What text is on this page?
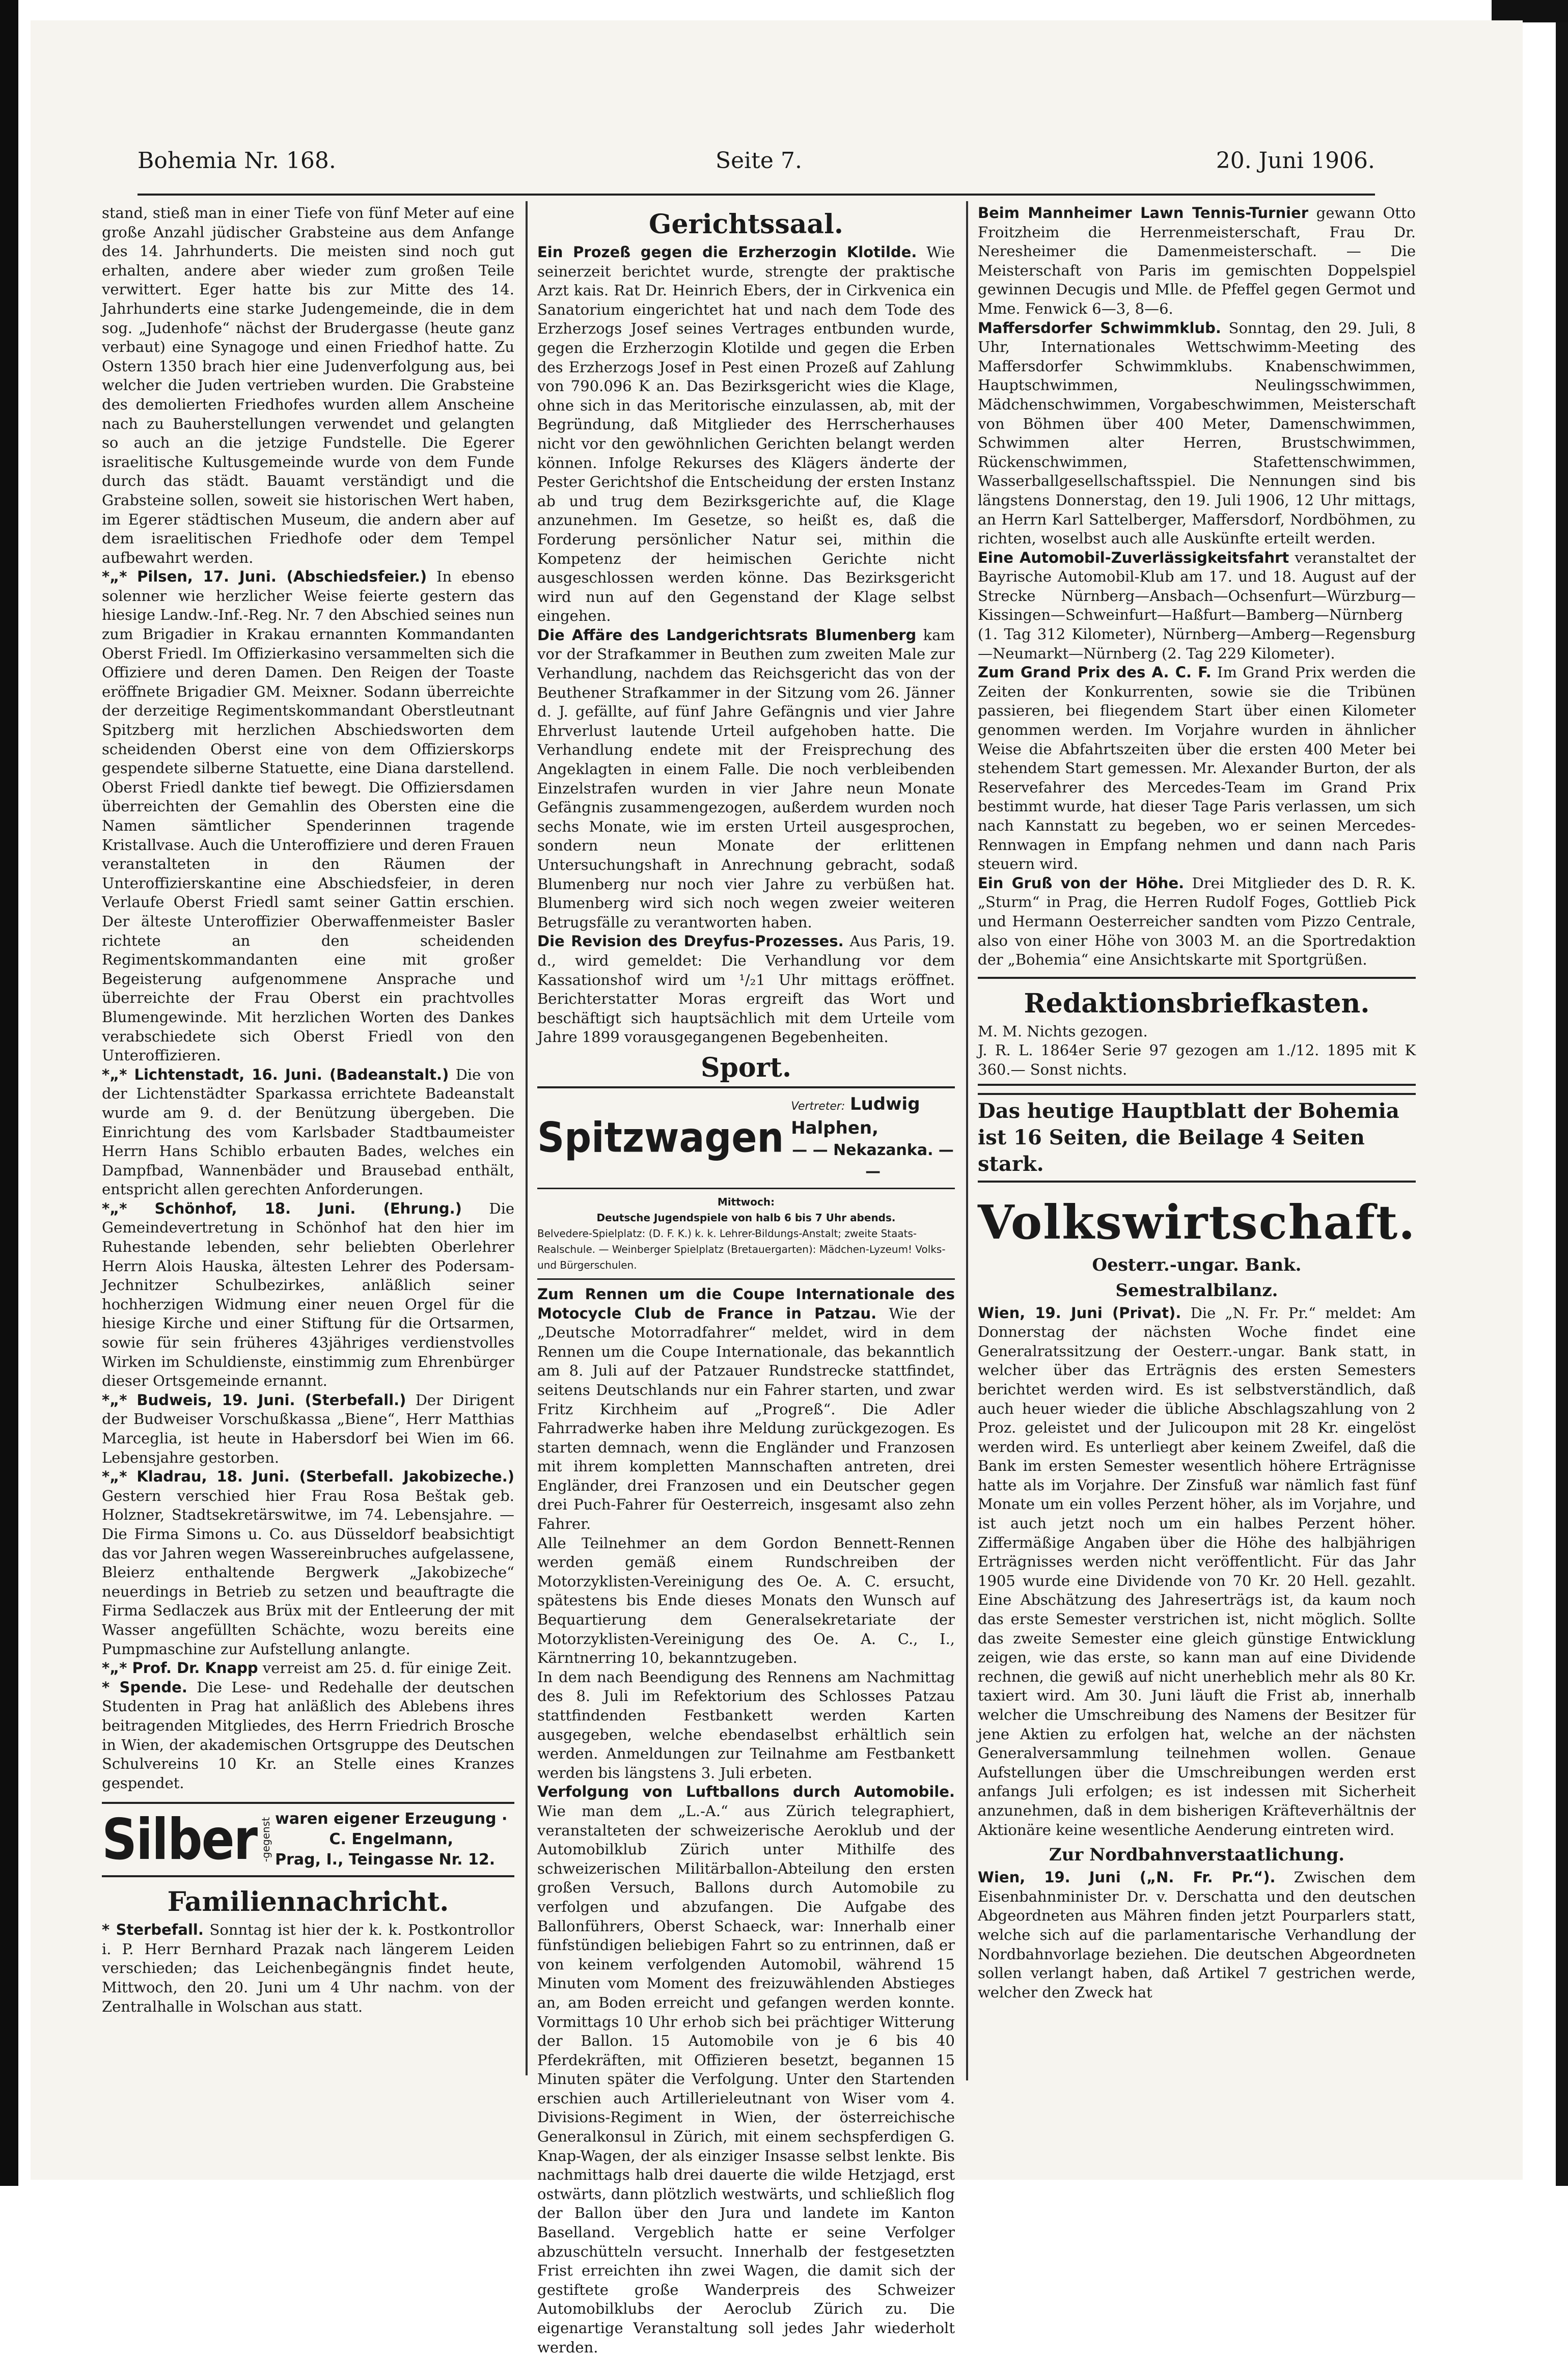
Bohemia Nr. 168.	Seite 7.	20. Juni 1906.

stand, stieß man in einer Tiefe von fünf Meter auf eine große Anzahl jüdischer Grabsteine aus dem Anfange des 14. Jahrhunderts. Die meisten sind noch gut erhalten, andere aber wieder zum großen Teile verwittert. Eger hatte bis zur Mitte des 14. Jahrhunderts eine starke Judengemeinde, die in dem sog. „Judenhofe“ nächst der Brudergasse (heute ganz verbaut) eine Synagoge und einen Friedhof hatte. Zu Ostern 1350 brach hier eine Judenverfolgung aus, bei welcher die Juden vertrieben wurden. Die Grabsteine des demolierten Friedhofes wurden allem Anscheine nach zu Bauherstellungen verwendet und gelangten so auch an die jetzige Fundstelle. Die Egerer israelitische Kultusgemeinde wurde von dem Funde durch das städt. Bauamt verständigt und die Grabsteine sollen, soweit sie historischen Wert haben, im Egerer städtischen Museum, die andern aber auf dem israelitischen Friedhofe oder dem Tempel aufbewahrt werden.

*„* Pilsen, 17. Juni. (Abschiedsfeier.) In ebenso solenner wie herzlicher Weise feierte gestern das hiesige Landw.-Inf.-Reg. Nr. 7 den Abschied seines nun zum Brigadier in Krakau ernannten Kommandanten Oberst Friedl. Im Offizierkasino versammelten sich die Offiziere und deren Damen. Den Reigen der Toaste eröffnete Brigadier GM. Meixner. Sodann überreichte der derzeitige Regimentskommandant Oberstleutnant Spitzberg mit herzlichen Abschiedsworten dem scheidenden Oberst eine von dem Offizierskorps gespendete silberne Statuette, eine Diana darstellend. Oberst Friedl dankte tief bewegt. Die Offiziersdamen überreichten der Gemahlin des Obersten eine die Namen sämtlicher Spenderinnen tragende Kristallvase. Auch die Unteroffiziere und deren Frauen veranstalteten in den Räumen der Unteroffizierskantine eine Abschiedsfeier, in deren Verlaufe Oberst Friedl samt seiner Gattin erschien. Der älteste Unteroffizier Oberwaffenmeister Basler richtete an den scheidenden Regimentskommandanten eine mit großer Begeisterung aufgenommene Ansprache und überreichte der Frau Oberst ein prachtvolles Blumengewinde. Mit herzlichen Worten des Dankes verabschiedete sich Oberst Friedl von den Unteroffizieren.

*„* Lichtenstadt, 16. Juni. (Badeanstalt.) Die von der Lichtenstädter Sparkassa errichtete Badeanstalt wurde am 9. d. der Benützung übergeben. Die Einrichtung des vom Karlsbader Stadtbaumeister Herrn Hans Schiblo erbauten Bades, welches ein Dampfbad, Wannenbäder und Brausebad enthält, entspricht allen gerechten Anforderungen.

*„* Schönhof, 18. Juni. (Ehrung.) Die Gemeindevertretung in Schönhof hat den hier im Ruhestande lebenden, sehr beliebten Oberlehrer Herrn Alois Hauska, ältesten Lehrer des Podersam-Jechnitzer Schulbezirkes, anläßlich seiner hochherzigen Widmung einer neuen Orgel für die hiesige Kirche und einer Stiftung für die Ortsarmen, sowie für sein früheres 43jähriges verdienstvolles Wirken im Schuldienste, einstimmig zum Ehrenbürger dieser Ortsgemeinde ernannt.

*„* Budweis, 19. Juni. (Sterbefall.) Der Dirigent der Budweiser Vorschußkassa „Biene“, Herr Matthias Marceglia, ist heute in Habersdorf bei Wien im 66. Lebensjahre gestorben.

*„* Kladrau, 18. Juni. (Sterbefall. Jakobizeche.) Gestern verschied hier Frau Rosa Beštak geb. Holzner, Stadtsekretärswitwe, im 74. Lebensjahre. — Die Firma Simons u. Co. aus Düsseldorf beabsichtigt das vor Jahren wegen Wassereinbruches aufgelassene, Bleierz enthaltende Bergwerk „Jakobizeche“ neuerdings in Betrieb zu setzen und beauftragte die Firma Sedlaczek aus Brüx mit der Entleerung der mit Wasser angefüllten Schächte, wozu bereits eine Pumpmaschine zur Aufstellung anlangte.

*„* Prof. Dr. Knapp verreist am 25. d. für einige Zeit.

* Spende. Die Lese- und Redehalle der deutschen Studenten in Prag hat anläßlich des Ablebens ihres beitragenden Mitgliedes, des Herrn Friedrich Brosche in Wien, der akademischen Ortsgruppe des Deutschen Schulvereins 10 Kr. an Stelle eines Kranzes gespendet.

Silber -gegenst waren eigener Erzeugung ·
C. Engelmann,
Prag, I., Teingasse Nr. 12.
Familiennachricht.

* Sterbefall. Sonntag ist hier der k. k. Postkontrollor i. P. Herr Bernhard Prazak nach längerem Leiden verschieden; das Leichenbegängnis findet heute, Mittwoch, den 20. Juni um 4 Uhr nachm. von der Zentralhalle in Wolschan aus statt.

Gerichtssaal.

Ein Prozeß gegen die Erzherzogin Klotilde. Wie seinerzeit berichtet wurde, strengte der praktische Arzt kais. Rat Dr. Heinrich Ebers, der in Cirkvenica ein Sanatorium eingerichtet hat und nach dem Tode des Erzherzogs Josef seines Vertrages entbunden wurde, gegen die Erzherzogin Klotilde und gegen die Erben des Erzherzogs Josef in Pest einen Prozeß auf Zahlung von 790.096 K an. Das Bezirksgericht wies die Klage, ohne sich in das Meritorische einzulassen, ab, mit der Begründung, daß Mitglieder des Herrscherhauses nicht vor den gewöhnlichen Gerichten belangt werden können. Infolge Rekurses des Klägers änderte der Pester Gerichtshof die Entscheidung der ersten Instanz ab und trug dem Bezirksgerichte auf, die Klage anzunehmen. Im Gesetze, so heißt es, daß die Forderung persönlicher Natur sei, mithin die Kompetenz der heimischen Gerichte nicht ausgeschlossen werden könne. Das Bezirksgericht wird nun auf den Gegenstand der Klage selbst eingehen.

Die Affäre des Landgerichtsrats Blumenberg kam vor der Strafkammer in Beuthen zum zweiten Male zur Verhandlung, nachdem das Reichsgericht das von der Beuthener Strafkammer in der Sitzung vom 26. Jänner d. J. gefällte, auf fünf Jahre Gefängnis und vier Jahre Ehrverlust lautende Urteil aufgehoben hatte. Die Verhandlung endete mit der Freisprechung des Angeklagten in einem Falle. Die noch verbleibenden Einzelstrafen wurden in vier Jahre neun Monate Gefängnis zusammengezogen, außerdem wurden noch sechs Monate, wie im ersten Urteil ausgesprochen, sondern neun Monate der erlittenen Untersuchungshaft in Anrechnung gebracht, sodaß Blumenberg nur noch vier Jahre zu verbüßen hat. Blumenberg wird sich noch wegen zweier weiteren Betrugsfälle zu verantworten haben.

Die Revision des Dreyfus-Prozesses. Aus Paris, 19. d., wird gemeldet: Die Verhandlung vor dem Kassationshof wird um ¹/₂1 Uhr mittags eröffnet. Berichterstatter Moras ergreift das Wort und beschäftigt sich hauptsächlich mit dem Urteile vom Jahre 1899 vorausgegangenen Begebenheiten.

Sport.
Spitzwagen
Vertreter: Ludwig Halphen,
— — Nekazanka. — —
Mittwoch:
Deutsche Jugendspiele von halb 6 bis 7 Uhr abends.
Belvedere-Spielplatz: (D. F. K.) k. k. Lehrer-Bildungs-Anstalt; zweite Staats-Realschule. — Weinberger Spielplatz (Bretauergarten): Mädchen-Lyzeum! Volks- und Bürgerschulen.

Zum Rennen um die Coupe Internationale des Motocycle Club de France in Patzau. Wie der „Deutsche Motorradfahrer“ meldet, wird in dem Rennen um die Coupe Internationale, das bekanntlich am 8. Juli auf der Patzauer Rundstrecke stattfindet, seitens Deutschlands nur ein Fahrer starten, und zwar Fritz Kirchheim auf „Progreß“. Die Adler Fahrradwerke haben ihre Meldung zurückgezogen. Es starten demnach, wenn die Engländer und Franzosen mit ihrem kompletten Mannschaften antreten, drei Engländer, drei Franzosen und ein Deutscher gegen drei Puch-Fahrer für Oesterreich, insgesamt also zehn Fahrer.

Alle Teilnehmer an dem Gordon Bennett-Rennen werden gemäß einem Rundschreiben der Motorzyklisten-Vereinigung des Oe. A. C. ersucht, spätestens bis Ende dieses Monats den Wunsch auf Bequartierung dem Generalsekretariate der Motorzyklisten-Vereinigung des Oe. A. C., I., Kärntnerring 10, bekanntzugeben.

In dem nach Beendigung des Rennens am Nachmittag des 8. Juli im Refektorium des Schlosses Patzau stattfindenden Festbankett werden Karten ausgegeben, welche ebendaselbst erhältlich sein werden. Anmeldungen zur Teilnahme am Festbankett werden bis längstens 3. Juli erbeten.

Verfolgung von Luftballons durch Automobile. Wie man dem „L.-A.“ aus Zürich telegraphiert, veranstalteten der schweizerische Aeroklub und der Automobilklub Zürich unter Mithilfe des schweizerischen Militärballon-Abteilung den ersten großen Versuch, Ballons durch Automobile zu verfolgen und abzufangen. Die Aufgabe des Ballonführers, Oberst Schaeck, war: Innerhalb einer fünfstündigen beliebigen Fahrt so zu entrinnen, daß er von keinem verfolgenden Automobil, während 15 Minuten vom Moment des freizuwählenden Abstieges an, am Boden erreicht und gefangen werden konnte. Vormittags 10 Uhr erhob sich bei prächtiger Witterung der Ballon. 15 Automobile von je 6 bis 40 Pferdekräften, mit Offizieren besetzt, begannen 15 Minuten später die Verfolgung. Unter den Startenden erschien auch Artillerieleutnant von Wiser vom 4. Divisions-Regiment in Wien, der österreichische Generalkonsul in Zürich, mit einem sechspferdigen G. Knap-Wagen, der als einziger Insasse selbst lenkte. Bis nachmittags halb drei dauerte die wilde Hetzjagd, erst ostwärts, dann plötzlich westwärts, und schließlich flog der Ballon über den Jura und landete im Kanton Baselland. Vergeblich hatte er seine Verfolger abzuschütteln versucht. Innerhalb der festgesetzten Frist erreichten ihn zwei Wagen, die damit sich der gestiftete große Wanderpreis des Schweizer Automobilklubs der Aeroclub Zürich zu. Die eigenartige Veranstaltung soll jedes Jahr wiederholt werden.

Beim Mannheimer Lawn Tennis-Turnier gewann Otto Froitzheim die Herrenmeisterschaft, Frau Dr. Neresheimer die Damenmeisterschaft. — Die Meisterschaft von Paris im gemischten Doppelspiel gewinnen Decugis und Mlle. de Pfeffel gegen Germot und Mme. Fenwick 6—3, 8—6.

Maffersdorfer Schwimmklub. Sonntag, den 29. Juli, 8 Uhr, Internationales Wettschwimm-Meeting des Maffersdorfer Schwimmklubs. Knabenschwimmen, Hauptschwimmen, Neulingsschwimmen, Mädchenschwimmen, Vorgabeschwimmen, Meisterschaft von Böhmen über 400 Meter, Damenschwimmen, Schwimmen alter Herren, Brustschwimmen, Rückenschwimmen, Stafettenschwimmen, Wasserballgesellschaftsspiel. Die Nennungen sind bis längstens Donnerstag, den 19. Juli 1906, 12 Uhr mittags, an Herrn Karl Sattelberger, Maffersdorf, Nordböhmen, zu richten, woselbst auch alle Auskünfte erteilt werden.

Eine Automobil-Zuverlässigkeitsfahrt veranstaltet der Bayrische Automobil-Klub am 17. und 18. August auf der Strecke Nürnberg—Ansbach—Ochsenfurt—Würzburg—Kissingen—Schweinfurt—Haßfurt—Bamberg—Nürnberg (1. Tag 312 Kilometer), Nürnberg—Amberg—Regensburg—Neumarkt—Nürnberg (2. Tag 229 Kilometer).

Zum Grand Prix des A. C. F. Im Grand Prix werden die Zeiten der Konkurrenten, sowie sie die Tribünen passieren, bei fliegendem Start über einen Kilometer genommen werden. Im Vorjahre wurden in ähnlicher Weise die Abfahrtszeiten über die ersten 400 Meter bei stehendem Start gemessen. Mr. Alexander Burton, der als Reservefahrer des Mercedes-Team im Grand Prix bestimmt wurde, hat dieser Tage Paris verlassen, um sich nach Kannstatt zu begeben, wo er seinen Mercedes-Rennwagen in Empfang nehmen und dann nach Paris steuern wird.

Ein Gruß von der Höhe. Drei Mitglieder des D. R. K. „Sturm“ in Prag, die Herren Rudolf Foges, Gottlieb Pick und Hermann Oesterreicher sandten vom Pizzo Centrale, also von einer Höhe von 3003 M. an die Sportredaktion der „Bohemia“ eine Ansichtskarte mit Sportgrüßen.

Redaktionsbriefkasten.

M. M. Nichts gezogen.

J. R. L. 1864er Serie 97 gezogen am 1./12. 1895 mit K 360.— Sonst nichts.

Das heutige Hauptblatt der Bohemia ist 16 Seiten, die Beilage 4 Seiten stark.
Volkswirtschaft.
Oesterr.-ungar. Bank.
Semestralbilanz.

Wien, 19. Juni (Privat). Die „N. Fr. Pr.“ meldet: Am Donnerstag der nächsten Woche findet eine Generalratssitzung der Oesterr.-ungar. Bank statt, in welcher über das Erträgnis des ersten Semesters berichtet werden wird. Es ist selbstverständlich, daß auch heuer wieder die übliche Abschlagszahlung von 2 Proz. geleistet und der Julicoupon mit 28 Kr. eingelöst werden wird. Es unterliegt aber keinem Zweifel, daß die Bank im ersten Semester wesentlich höhere Erträgnisse hatte als im Vorjahre. Der Zinsfuß war nämlich fast fünf Monate um ein volles Perzent höher, als im Vorjahre, und ist auch jetzt noch um ein halbes Perzent höher. Ziffermäßige Angaben über die Höhe des halbjährigen Erträgnisses werden nicht veröffentlicht. Für das Jahr 1905 wurde eine Dividende von 70 Kr. 20 Hell. gezahlt. Eine Abschätzung des Jahreserträgs ist, da kaum noch das erste Semester verstrichen ist, nicht möglich. Sollte das zweite Semester eine gleich günstige Entwicklung zeigen, wie das erste, so kann man auf eine Dividende rechnen, die gewiß auf nicht unerheblich mehr als 80 Kr. taxiert wird. Am 30. Juni läuft die Frist ab, innerhalb welcher die Umschreibung des Namens der Besitzer für jene Aktien zu erfolgen hat, welche an der nächsten Generalversammlung teilnehmen wollen. Genaue Aufstellungen über die Umschreibungen werden erst anfangs Juli erfolgen; es ist indessen mit Sicherheit anzunehmen, daß in dem bisherigen Kräfteverhältnis der Aktionäre keine wesentliche Aenderung eintreten wird.

Zur Nordbahnverstaatlichung.

Wien, 19. Juni („N. Fr. Pr.“). Zwischen dem Eisenbahnminister Dr. v. Derschatta und den deutschen Abgeordneten aus Mähren finden jetzt Pourparlers statt, welche sich auf die parlamentarische Verhandlung der Nordbahnvorlage beziehen. Die deutschen Abgeordneten sollen verlangt haben, daß Artikel 7 gestrichen werde, welcher den Zweck hat
